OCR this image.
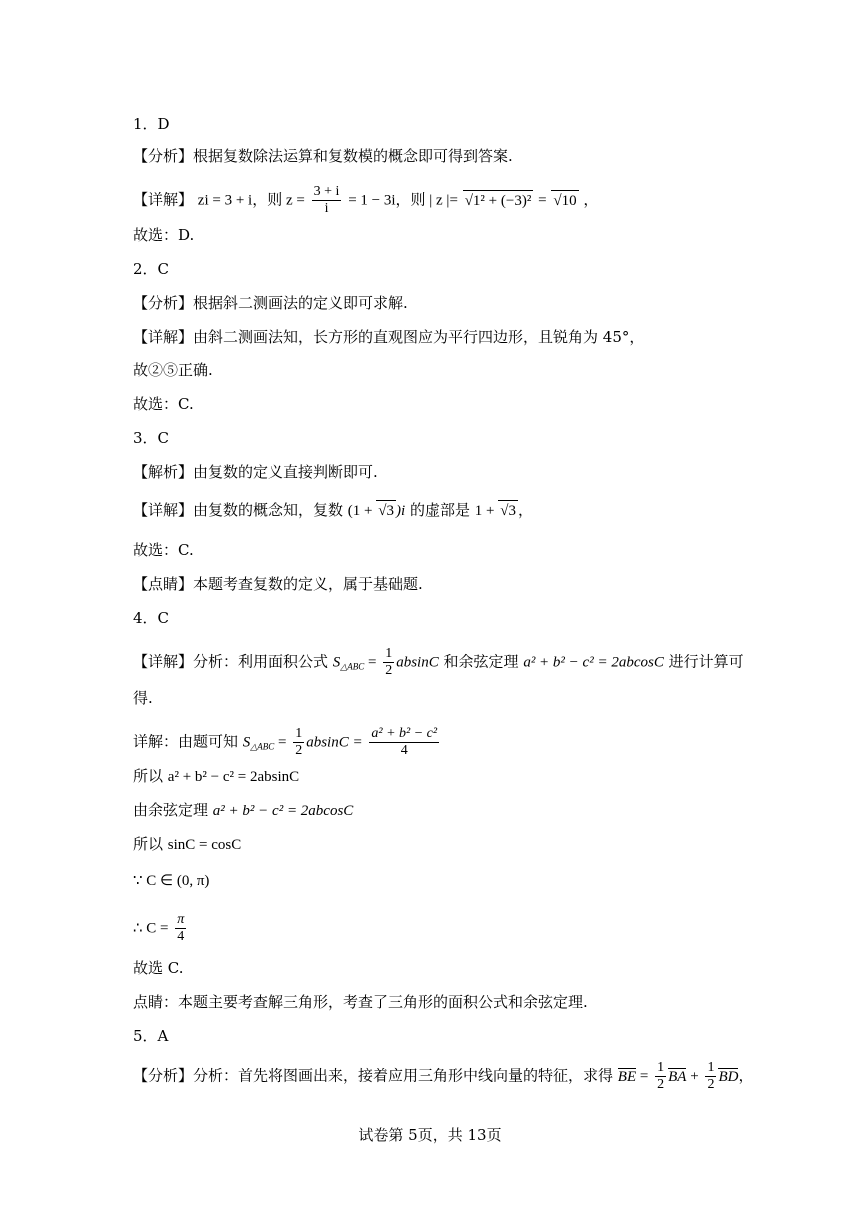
1．D
【分析】根据复数除法运算和复数模的概念即可得到答案.
【详解】 zi = 3 + i，则 $z = \frac{3 + i}{i} = 1 - 3i$，则 | z |= √1² + (−3)² = √10 ，
故选：D.
2．C
【分析】根据斜二测画法的定义即可求解.
【详解】由斜二测画法知，长方形的直观图应为平行四边形，且锐角为 45°，
故②⑤正确.
故选：C.
3．C
【解析】由复数的定义直接判断即可.
【详解】由复数的概念知，复数 (1 + √3 )i 的虚部是 1 + √3 ，
故选：C.
【点睛】本题考查复数的定义，属于基础题.
4．C
【详解】分析：利用面积公式 $S_{\triangle ABC} = \frac{1}{2}$ absinC 和余弦定理 a² + b² − c² = 2abcosC 进行计算可
得.
详解：由题可知 $S_{\triangle ABC} = \frac{1}{2}$ $absinC = \frac{\text{a² + b² − c²}}{4}$
所以 a² + b² − c² = 2absinC
由余弦定理 a² + b² − c² = 2abcosC
所以 sinC = cosC
∵ C ∈ (0, π)
∴ $C = \frac{\pi}{4}$
故选 C.
点睛：本题主要考查解三角形，考查了三角形的面积公式和余弦定理.
5．A
【分析】分析：首先将图画出来，接着应用三角形中线向量的特征，求得 BE = $\frac{1}{2}$ BA + $\frac{1}{2}$ BD，
试卷第 5页，共 13页
